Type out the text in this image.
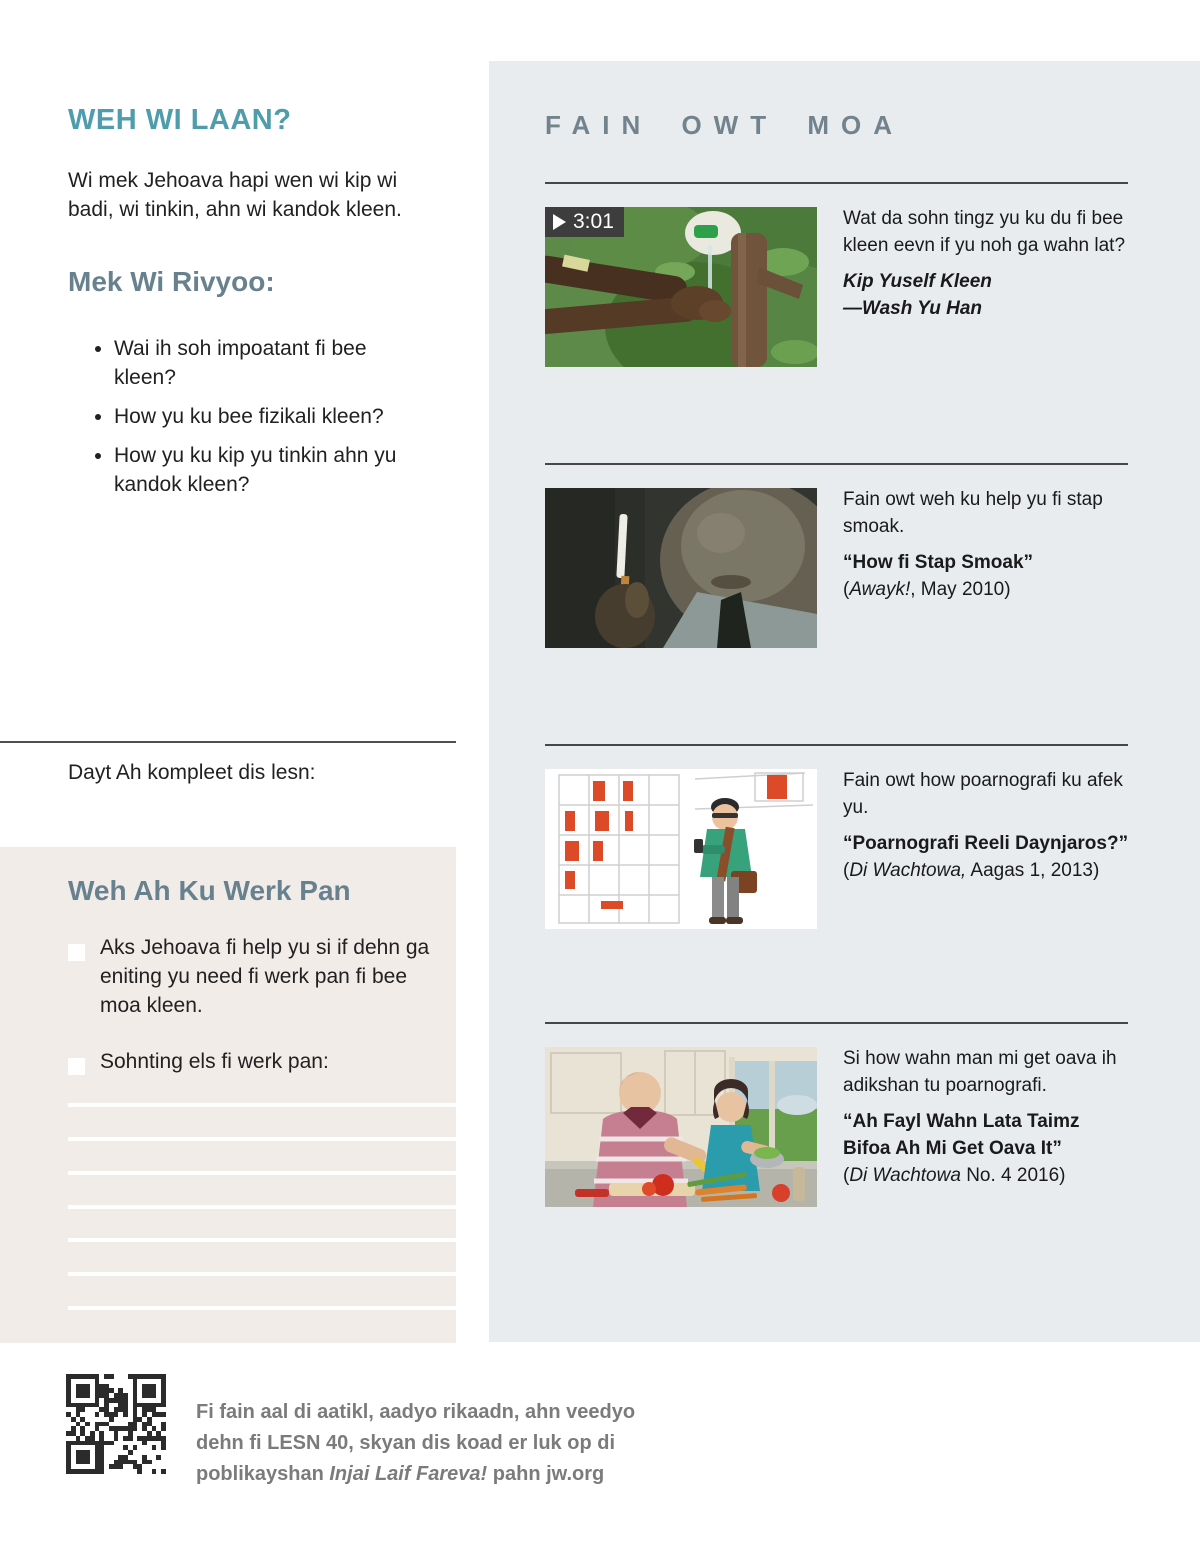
WEH WI LAAN?

Wi mek Jehoava hapi wen wi kip wi badi, wi tinkin, ahn wi kandok kleen.

Mek Wi Rivyoo:
• Wai ih soh impoatant fi bee kleen?
• How yu ku bee fizikali kleen?
• How yu ku kip yu tinkin ahn yu kandok kleen?

Dayt Ah kompleet dis lesn:

Weh Ah Ku Werk Pan
Aks Jehoava fi help yu si if dehn ga eniting yu need fi werk pan fi bee moa kleen.
Sohnting els fi werk pan:
FAIN OWT MOA
3:01	Wat da sohn tingz yu ku du fi bee kleen eevn if yu noh ga wahn lat?

Kip Yuself Kleen
—Wash Yu Han

Fain owt weh ku help yu fi stap smoak.

“How fi Stap Smoak”
(Awayk!, May 2010)

Fain owt how poarnografi ku afek yu.

“Poarnografi Reeli Daynjaros?” (Di Wachtowa, Aagas 1, 2013)

Si how wahn man mi get oava ih adikshan tu poarnografi.

“Ah Fayl Wahn Lata Taimz Bifoa Ah Mi Get Oava It”
(Di Wachtowa No. 4 2016)

Fi fain aal di aatikl, aadyo rikaadn, ahn veedyo dehn fi LESN 40, skyan dis koad er luk op di poblikayshan Injai Laif Fareva! pahn jw.org
